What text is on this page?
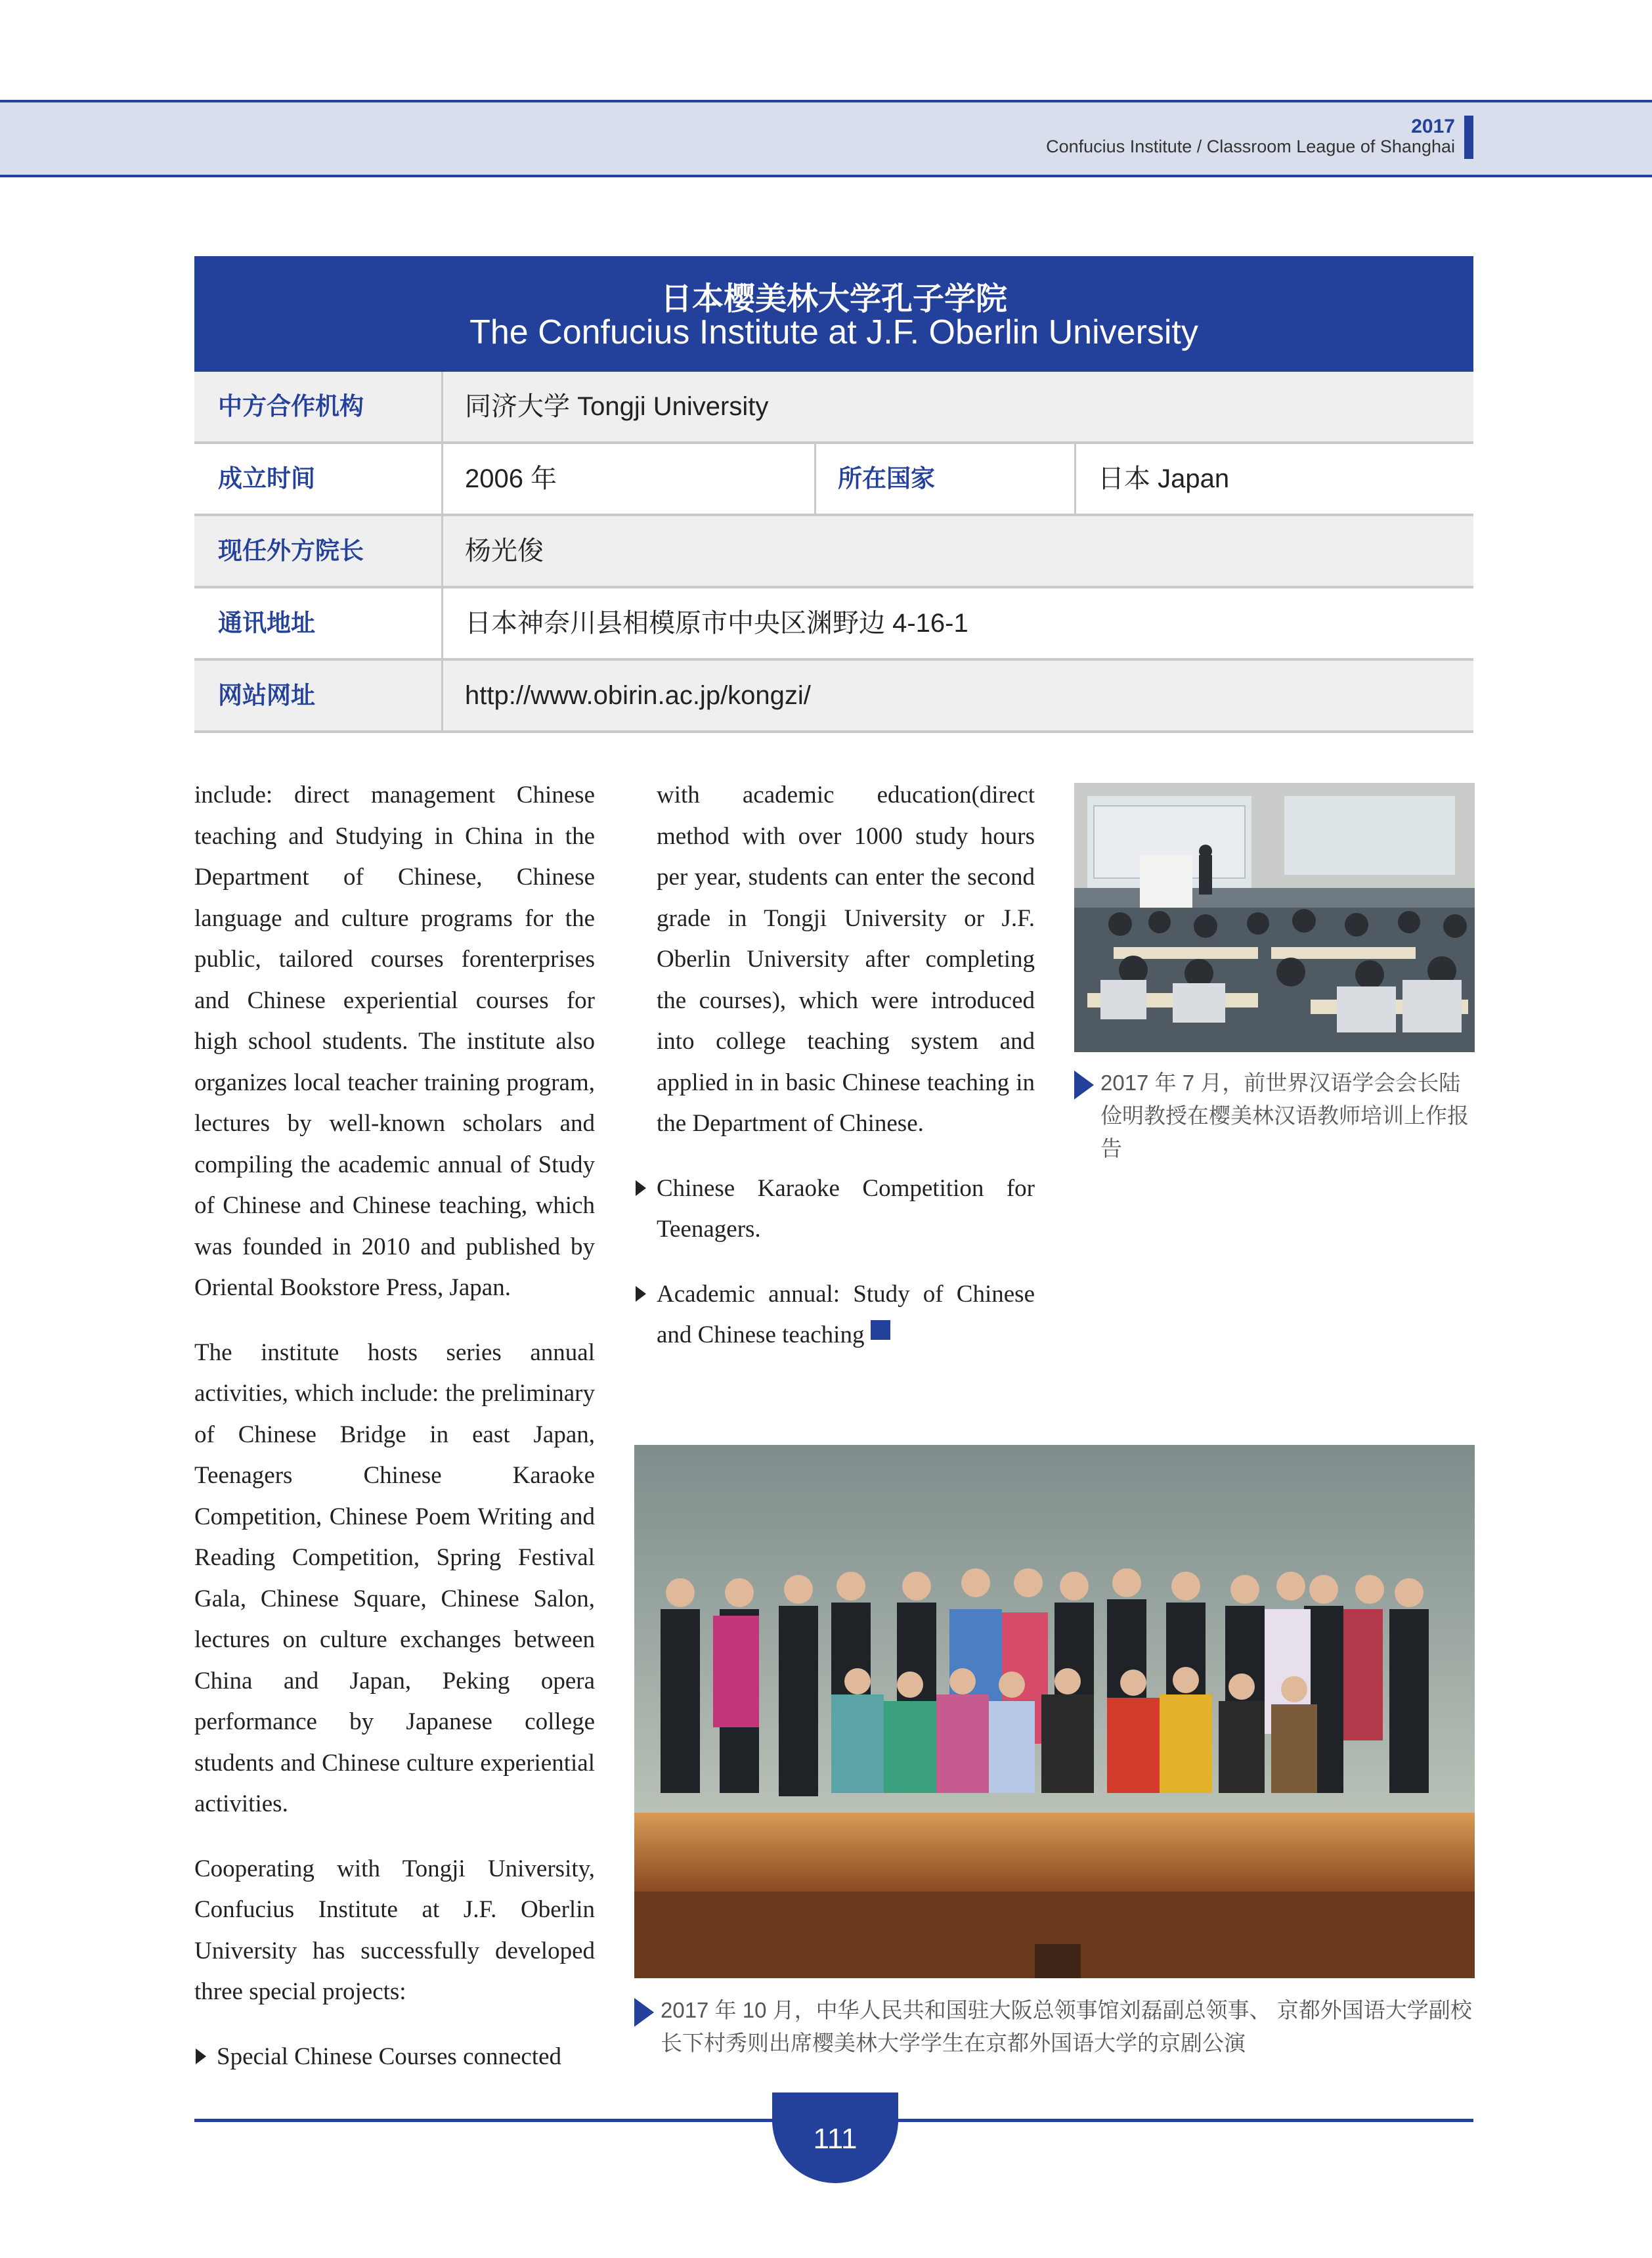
2017
Confucius Institute / Classroom League of Shanghai
日本樱美林大学孔子学院
The Confucius Institute at J.F. Oberlin University
中方合作机构	同济大学 Tongji University
成立时间	2006 年	所在国家	日本 Japan
现任外方院长	杨光俊
通讯地址	日本神奈川县相模原市中央区渊野边 4-16-1
网站网址	http://www.obirin.ac.jp/kongzi/

include: direct management Chinese teaching and Studying in China in the Department of Chinese, Chinese language and culture programs for the public, tailored courses forenterprises and Chinese experiential courses for high school students. The institute also organizes local teacher training program, lectures by well-known scholars and compiling the academic annual of Study of Chinese and Chinese teaching, which was founded in 2010 and published by Oriental Bookstore Press, Japan.

The institute hosts series annual activities, which include: the preliminary of Chinese Bridge in east Japan, Teenagers Chinese Karaoke Competition, Chinese Poem Writing and Reading Competition, Spring Festival Gala, Chinese Square, Chinese Salon, lectures on culture exchanges between China and Japan, Peking opera performance by Japanese college students and Chinese culture experiential activities.

Cooperating with Tongji University, Confucius Institute at J.F. Oberlin University has successfully developed three special projects:

Special Chinese Courses connected

with academic education(direct method with over 1000 study hours per year, students can enter the second grade in Tongji University or J.F. Oberlin University after completing the courses), which were introduced into college teaching system and applied in in basic Chinese teaching in the Department of Chinese.

Chinese Karaoke Competition for Teenagers.

Academic annual: Study of Chinese and Chinese teaching

2017 年 7 月，前世界汉语学会会长陆俭明教授在樱美林汉语教师培训上作报告
2017 年 10 月，中华人民共和国驻大阪总领事馆刘磊副总领事、 京都外国语大学副校长下村秀则出席樱美林大学学生在京都外国语大学的京剧公演
111
